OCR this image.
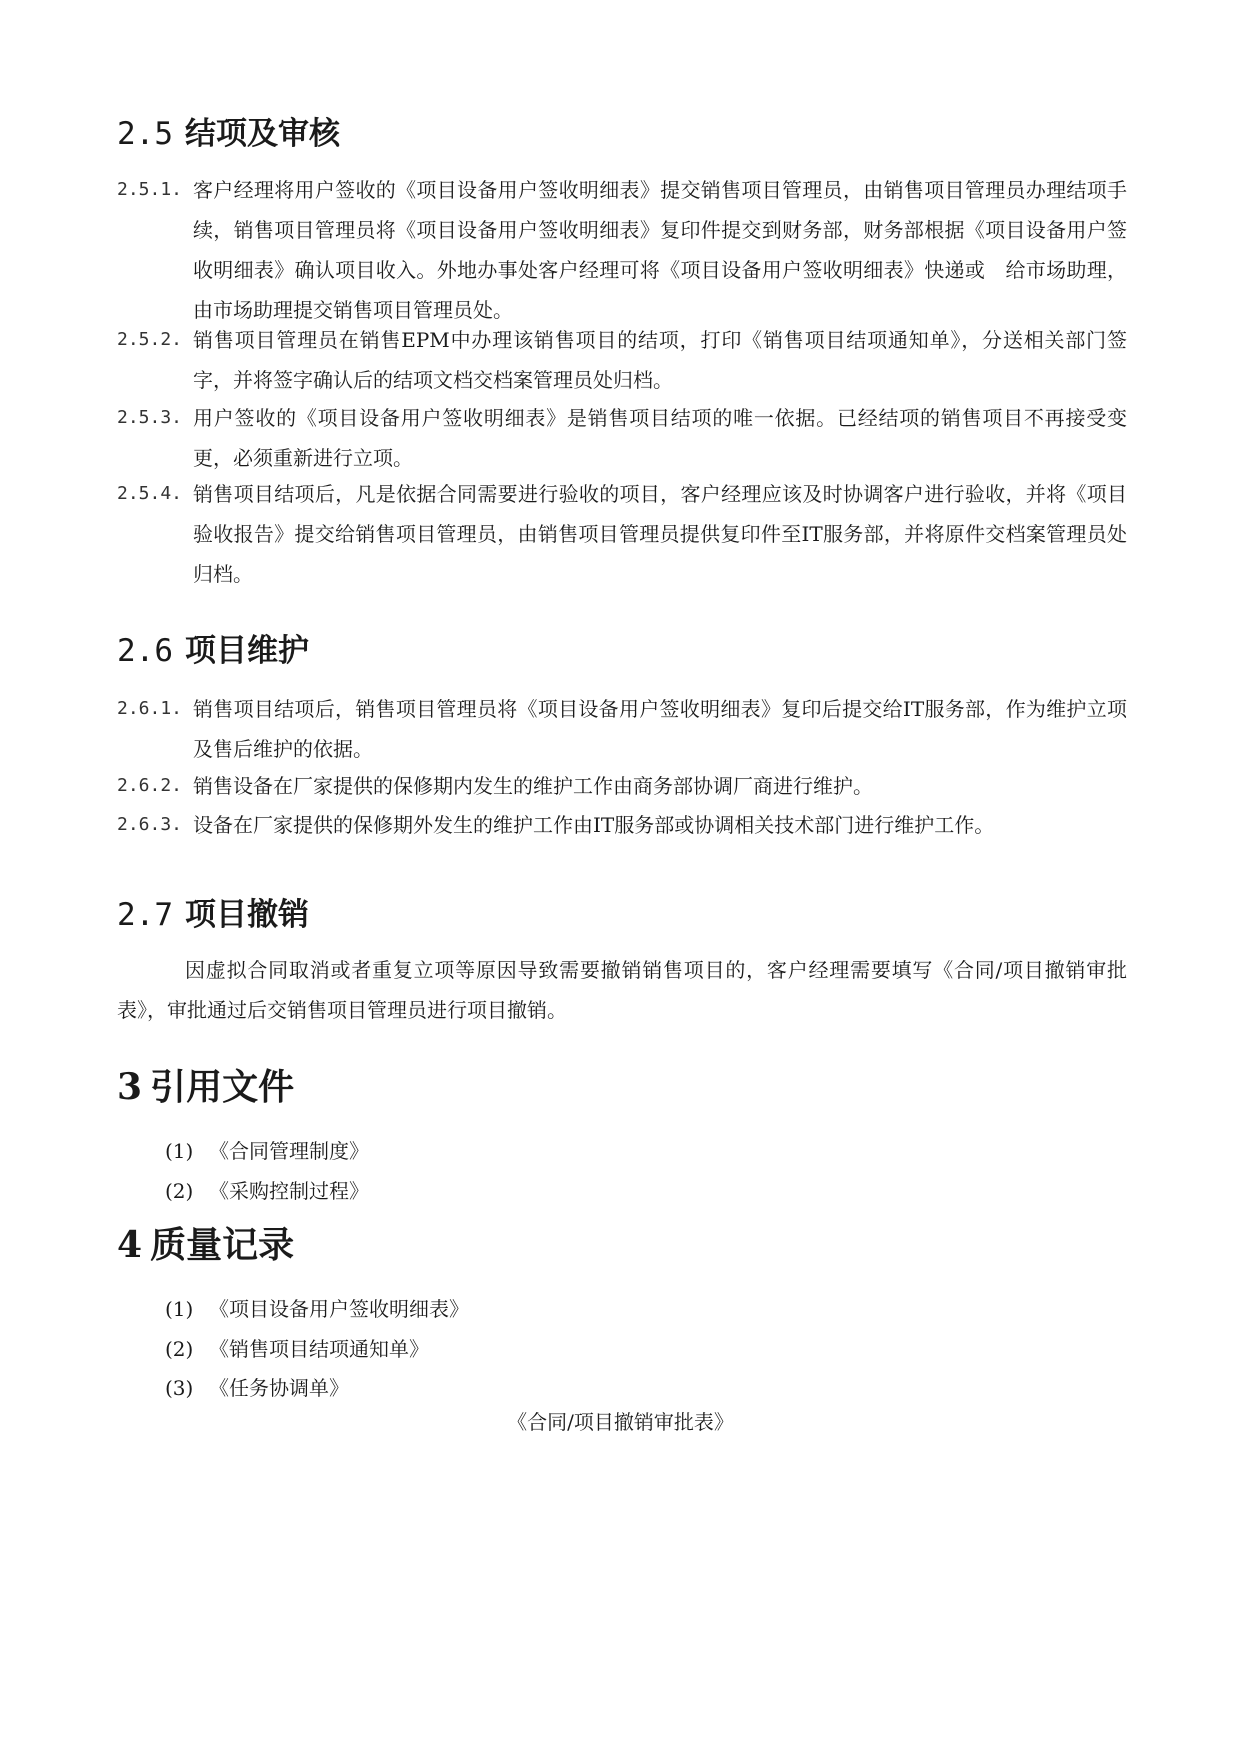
2.5 结项及审核
2.5.1. 客户经理将用户签收的《项目设备用户签收明细表》提交销售项目管理员，由销售项目管理员办理结项手续，销售项目管理员将《项目设备用户签收明细表》复印件提交到财务部，财务部根据《项目设备用户签收明细表》确认项目收入。外地办事处客户经理可将《项目设备用户签收明细表》快递或　给市场助理，由市场助理提交销售项目管理员处。
2.5.2. 销售项目管理员在销售EPM中办理该销售项目的结项，打印《销售项目结项通知单》，分送相关部门签字，并将签字确认后的结项文档交档案管理员处归档。
2.5.3. 用户签收的《项目设备用户签收明细表》是销售项目结项的唯一依据。已经结项的销售项目不再接受变更，必须重新进行立项。
2.5.4. 销售项目结项后，凡是依据合同需要进行验收的项目，客户经理应该及时协调客户进行验收，并将《项目验收报告》提交给销售项目管理员，由销售项目管理员提供复印件至IT服务部，并将原件交档案管理员处归档。
2.6 项目维护
2.6.1. 销售项目结项后，销售项目管理员将《项目设备用户签收明细表》复印后提交给IT服务部，作为维护立项及售后维护的依据。
2.6.2. 销售设备在厂家提供的保修期内发生的维护工作由商务部协调厂商进行维护。
2.6.3. 设备在厂家提供的保修期外发生的维护工作由IT服务部或协调相关技术部门进行维护工作。
2.7 项目撤销

因虚拟合同取消或者重复立项等原因导致需要撤销销售项目的，客户经理需要填写《合同/项目撤销审批表》，审批通过后交销售项目管理员进行项目撤销。

3 引用文件
(1) 《合同管理制度》
(2) 《采购控制过程》
4 质量记录
(1) 《项目设备用户签收明细表》
(2) 《销售项目结项通知单》
(3) 《任务协调单》
《合同/项目撤销审批表》
